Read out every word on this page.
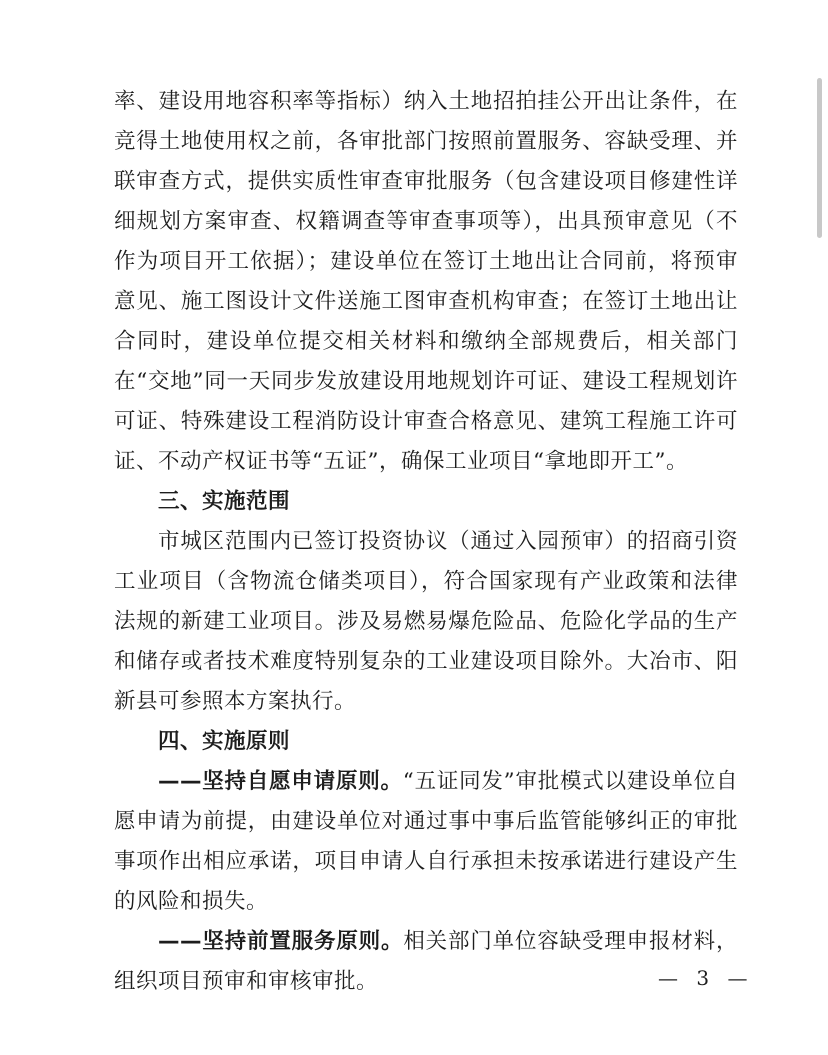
率、建设用地容积率等指标）纳入土地招拍挂公开出让条件，在竞得土地使用权之前，各审批部门按照前置服务、容缺受理、并联审查方式，提供实质性审查审批服务（包含建设项目修建性详细规划方案审查、权籍调查等审查事项等），出具预审意见（不作为项目开工依据）；建设单位在签订土地出让合同前，将预审意见、施工图设计文件送施工图审查机构审查；在签订土地出让合同时，建设单位提交相关材料和缴纳全部规费后，相关部门在“交地”同一天同步发放建设用地规划许可证、建设工程规划许可证、特殊建设工程消防设计审查合格意见、建筑工程施工许可证、不动产权证书等“五证”，确保工业项目“拿地即开工”。

三、实施范围

市城区范围内已签订投资协议（通过入园预审）的招商引资工业项目（含物流仓储类项目），符合国家现有产业政策和法律法规的新建工业项目。涉及易燃易爆危险品、危险化学品的生产和储存或者技术难度特别复杂的工业建设项目除外。大冶市、阳新县可参照本方案执行。

四、实施原则

——坚持自愿申请原则。“五证同发”审批模式以建设单位自愿申请为前提，由建设单位对通过事中事后监管能够纠正的审批事项作出相应承诺，项目申请人自行承担未按承诺进行建设产生的风险和损失。

——坚持前置服务原则。相关部门单位容缺受理申报材料，组织项目预审和审核审批。	— 3 —
